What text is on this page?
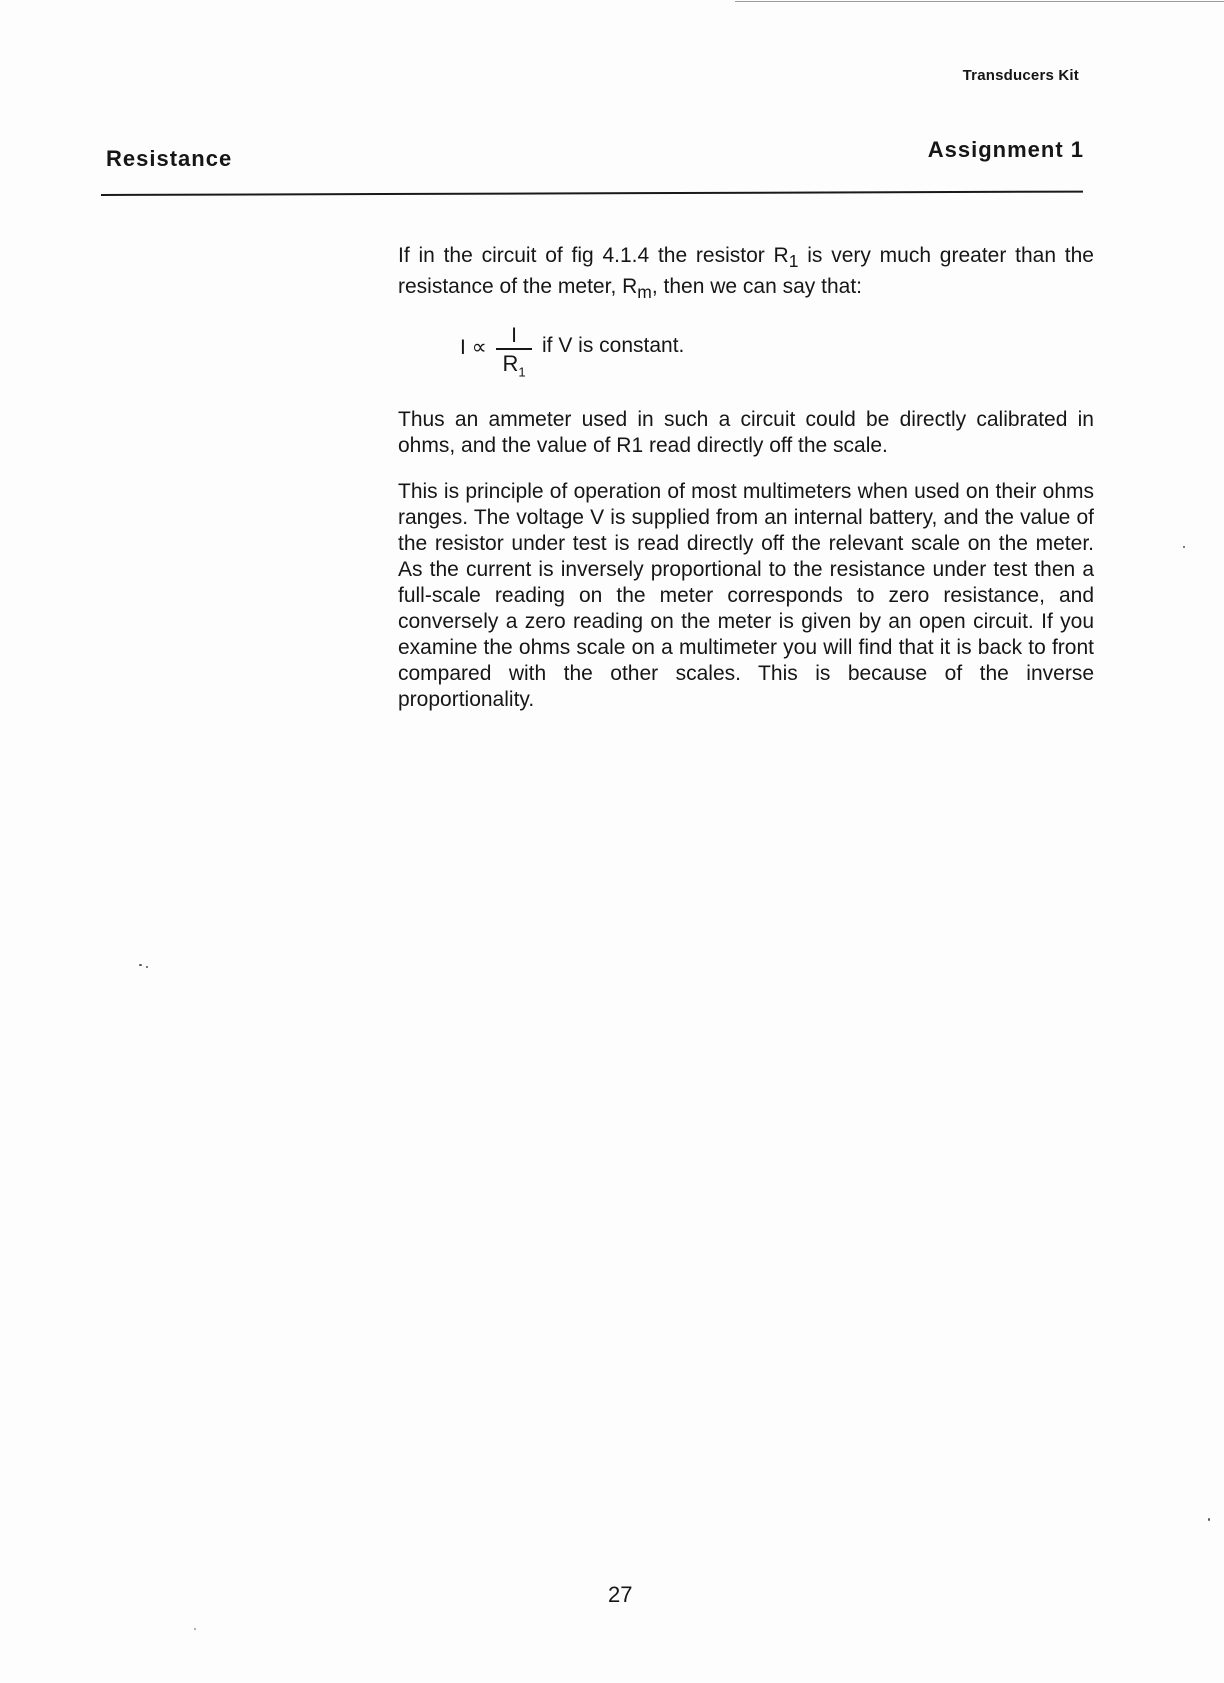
Transducers Kit
Resistance	Assignment 1

If in the circuit of fig 4.1.4 the resistor $R_1$ is very much greater than the resistance of the meter, $R_m$, then we can say that:

I ∝
I
$R_1$
if V is constant.

Thus an ammeter used in such a circuit could be directly calibrated in ohms, and the value of R1 read directly off the scale.

This is principle of operation of most multimeters when used on their ohms ranges. The voltage V is supplied from an internal battery, and the value of the resistor under test is read directly off the relevant scale on the meter. As the current is inversely proportional to the resistance under test then a full-scale reading on the meter corresponds to zero resistance, and conversely a zero reading on the meter is given by an open circuit. If you examine the ohms scale on a multimeter you will find that it is back to front compared with the other scales. This is because of the inverse proportionality.

27
